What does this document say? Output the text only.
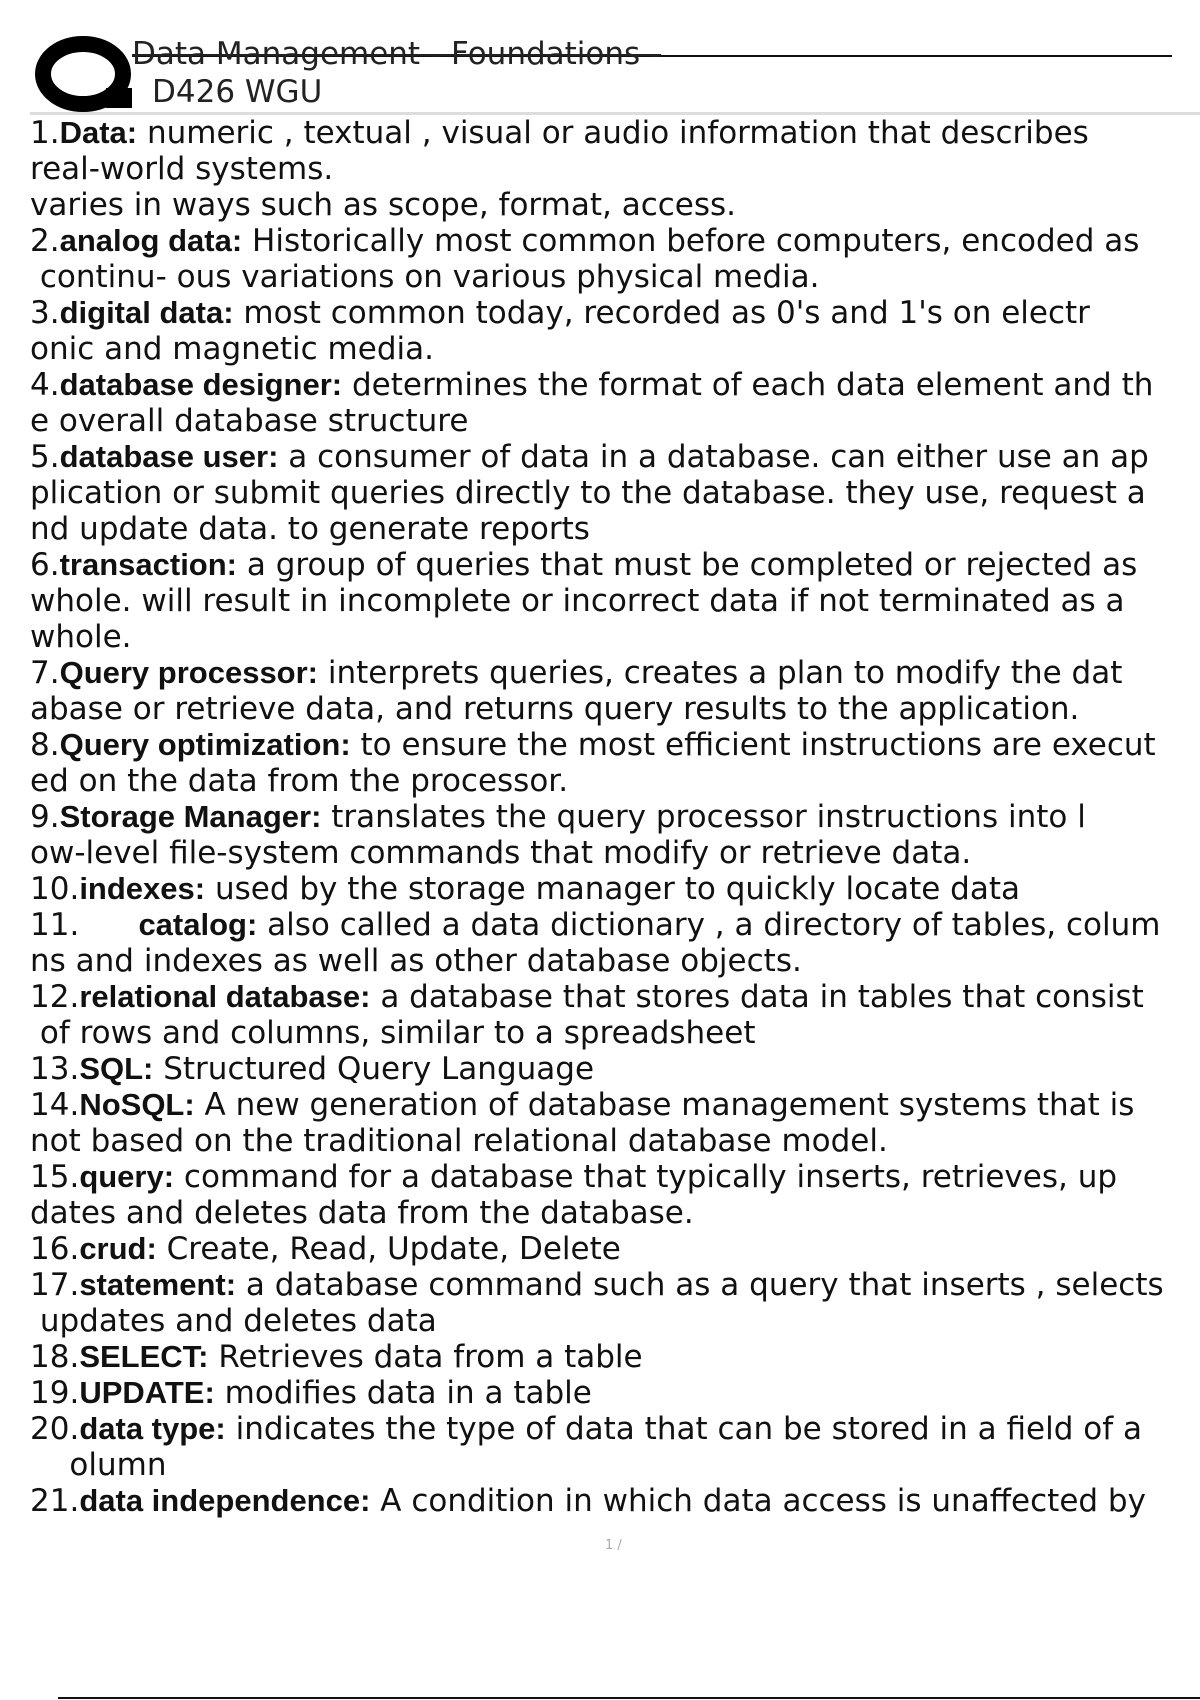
Data Management - Foundations -
D426 WGU
1.Data: numeric , textual , visual or audio information that describes
real-world systems.
varies in ways such as scope, format, access.
2.analog data: Historically most common before computers, encoded as
continu- ous variations on various physical media.
3.digital data: most common today, recorded as 0's and 1's on electr
onic and magnetic media.
4.database designer: determines the format of each data element and th
e overall database structure
5.database user: a consumer of data in a database. can either use an ap
plication or submit queries directly to the database. they use, request a
nd update data. to generate reports
6.transaction: a group of queries that must be completed or rejected as
whole. will result in incomplete or incorrect data if not terminated as a
whole.
7.Query processor: interprets queries, creates a plan to modify the dat
abase or retrieve data, and returns query results to the application.
8.Query optimization: to ensure the most efficient instructions are execut
ed on the data from the processor.
9.Storage Manager: translates the query processor instructions into l
ow-level file-system commands that modify or retrieve data.
10.indexes: used by the storage manager to quickly locate data
11.      catalog: also called a data dictionary , a directory of tables, colum
ns and indexes as well as other database objects.
12.relational database: a database that stores data in tables that consist
of rows and columns, similar to a spreadsheet
13.SQL: Structured Query Language
14.NoSQL: A new generation of database management systems that is
not based on the traditional relational database model.
15.query: command for a database that typically inserts, retrieves, up
dates and deletes data from the database.
16.crud: Create, Read, Update, Delete
17.statement: a database command such as a query that inserts , selects
updates and deletes data
18.SELECT: Retrieves data from a table
19.UPDATE: modifies data in a table
20.data type: indicates the type of data that can be stored in a field of a
olumn
21.data independence: A condition in which data access is unaffected by
1 /
